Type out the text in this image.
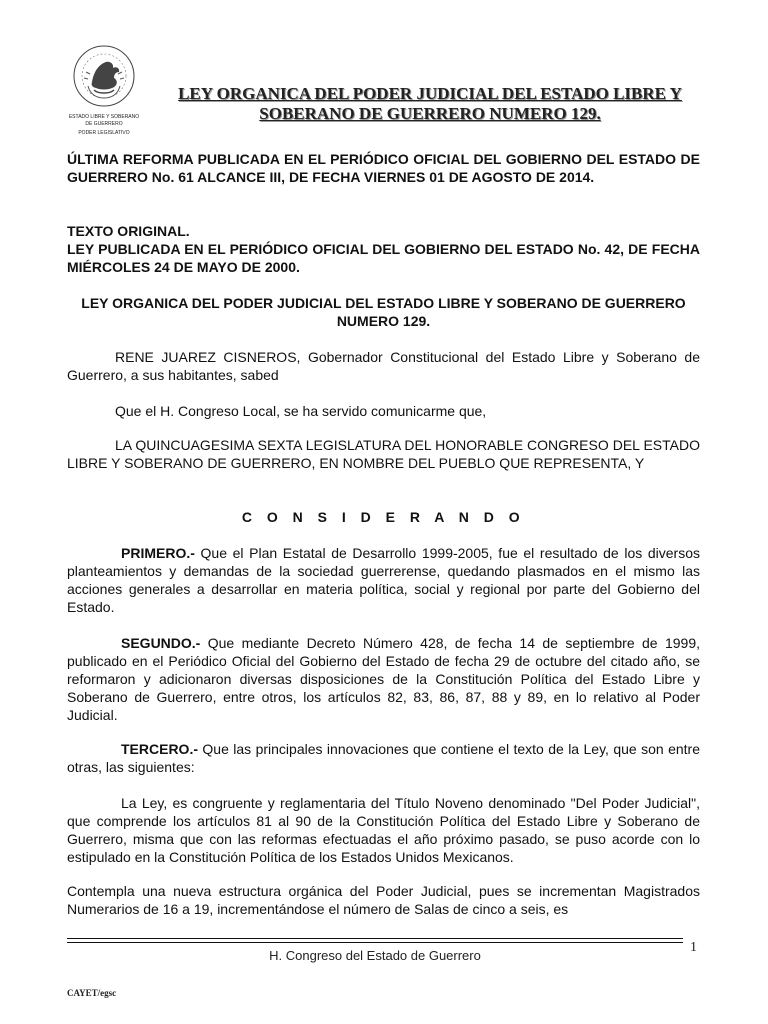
ESTADO LIBRE Y SOBERANO
DE GUERRERO
PODER LEGISLATIVO
LEY ORGANICA DEL PODER JUDICIAL DEL ESTADO LIBRE Y
SOBERANO DE GUERRERO NUMERO 129.
ÚLTIMA REFORMA PUBLICADA EN EL PERIÓDICO OFICIAL DEL GOBIERNO DEL ESTADO DE GUERRERO No. 61 ALCANCE III, DE FECHA VIERNES 01 DE AGOSTO DE 2014.
TEXTO ORIGINAL.
LEY PUBLICADA EN EL PERIÓDICO OFICIAL DEL GOBIERNO DEL ESTADO No. 42, DE FECHA MIÉRCOLES 24 DE MAYO DE 2000.
LEY ORGANICA DEL PODER JUDICIAL DEL ESTADO LIBRE Y SOBERANO DE GUERRERO NUMERO 129.
RENE JUAREZ CISNEROS, Gobernador Constitucional del Estado Libre y Soberano de Guerrero, a sus habitantes, sabed
Que el H. Congreso Local, se ha servido comunicarme que,
LA QUINCUAGESIMA SEXTA LEGISLATURA DEL HONORABLE CONGRESO DEL ESTADO LIBRE Y SOBERANO DE GUERRERO, EN NOMBRE DEL PUEBLO QUE REPRESENTA, Y
C O N S I D E R A N D O
PRIMERO.- Que el Plan Estatal de Desarrollo 1999-2005, fue el resultado de los diversos planteamientos y demandas de la sociedad guerrerense, quedando plasmados en el mismo las acciones generales a desarrollar en materia política, social y regional por parte del Gobierno del Estado.
SEGUNDO.- Que mediante Decreto Número 428, de fecha 14 de septiembre de 1999, publicado en el Periódico Oficial del Gobierno del Estado de fecha 29 de octubre del citado año, se reformaron y adicionaron diversas disposiciones de la Constitución Política del Estado Libre y Soberano de Guerrero, entre otros, los artículos 82, 83, 86, 87, 88 y 89, en lo relativo al Poder Judicial.
TERCERO.- Que las principales innovaciones que contiene el texto de la Ley, que son entre otras, las siguientes:
La Ley, es congruente y reglamentaria del Título Noveno denominado "Del Poder Judicial", que comprende los artículos 81 al 90 de la Constitución Política del Estado Libre y Soberano de Guerrero, misma que con las reformas efectuadas el año próximo pasado, se puso acorde con lo estipulado en la Constitución Política de los Estados Unidos Mexicanos.
Contempla una nueva estructura orgánica del Poder Judicial, pues se incrementan Magistrados Numerarios de 16 a 19, incrementándose el número de Salas de cinco a seis, es
H. Congreso del Estado de Guerrero
1
CAYET/egsc
